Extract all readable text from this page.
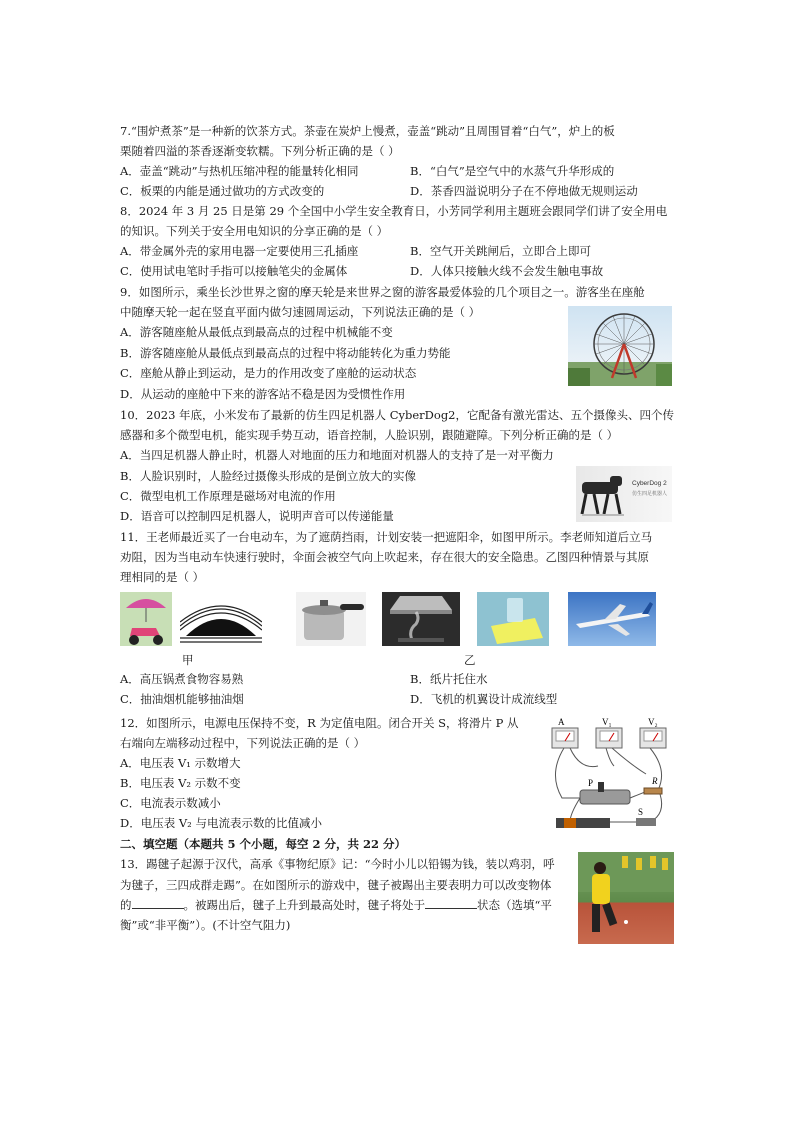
7.“围炉煮茶”是一种新的饮茶方式。茶壶在炭炉上慢煮，壶盖“跳动”且周围冒着“白气”，炉上的板
栗随着四溢的茶香逐渐变软糯。下列分析正确的是（ ）
A．壶盖“跳动”与热机压缩冲程的能量转化相同	B．“白气”是空气中的水蒸气升华形成的
C．板栗的内能是通过做功的方式改变的	D．茶香四溢说明分子在不停地做无规则运动
8．2024 年 3 月 25 日是第 29 个全国中小学生安全教育日，小芳同学利用主题班会跟同学们讲了安全用电
的知识。下列关于安全用电知识的分享正确的是（ ）
A．带金属外壳的家用电器一定要使用三孔插座	B．空气开关跳闸后，立即合上即可
C．使用试电笔时手指可以接触笔尖的金属体	D．人体只接触火线不会发生触电事故
9．如图所示，乘坐长沙世界之窗的摩天轮是来世界之窗的游客最爱体验的几个项目之一。游客坐在座舱
中随摩天轮一起在竖直平面内做匀速圆周运动，下列说法正确的是（ ）
A．游客随座舱从最低点到最高点的过程中机械能不变
B．游客随座舱从最低点到最高点的过程中将动能转化为重力势能
C．座舱从静止到运动，是力的作用改变了座舱的运动状态
D．从运动的座舱中下来的游客站不稳是因为受惯性作用
10．2023 年底，小米发布了最新的仿生四足机器人 CyberDog2，它配备有激光雷达、五个摄像头、四个传
感器和多个微型电机，能实现手势互动，语音控制，人脸识别，跟随避障。下列分析正确的是（ ）
A．当四足机器人静止时，机器人对地面的压力和地面对机器人的支持了是一对平衡力
B．人脸识别时，人脸经过摄像头形成的是倒立放大的实像
C．微型电机工作原理是磁场对电流的作用
D．语音可以控制四足机器人，说明声音可以传递能量
CyberDog 2
仿生四足机器人
11．王老师最近买了一台电动车，为了遮荫挡雨，计划安装一把遮阳伞，如图甲所示。李老师知道后立马
劝阻，因为当电动车快速行驶时，伞面会被空气向上吹起来，存在很大的安全隐患。乙图四种情景与其原
理相同的是（ ）
甲	乙
A．高压锅煮食物容易熟	B．纸片托住水
C．抽油烟机能够抽油烟	D．飞机的机翼设计成流线型
12．如图所示，电源电压保持不变，R 为定值电阻。闭合开关 S，将滑片 P 从
右端向左端移动过程中，下列说法正确的是（ ）
A．电压表 V₁ 示数增大
B．电压表 V₂ 示数不变
C．电流表示数减小
D．电压表 V₂ 与电流表示数的比值减小
A	V₁	V₂
P	R
S
二、填空题（本题共 5 个小题，每空 2 分，共 22 分）
13．踢毽子起源于汉代，高承《事物纪原》记：“今时小儿以铅锡为钱，装以鸡羽，呼
为毽子，三四成群走踢”。在如图所示的游戏中，毽子被踢出主要表明力可以改变物体
的	。被踢出后，毽子上升到最高处时，毽子将处于	状态（选填“平
衡”或“非平衡”）。(不计空气阻力)
